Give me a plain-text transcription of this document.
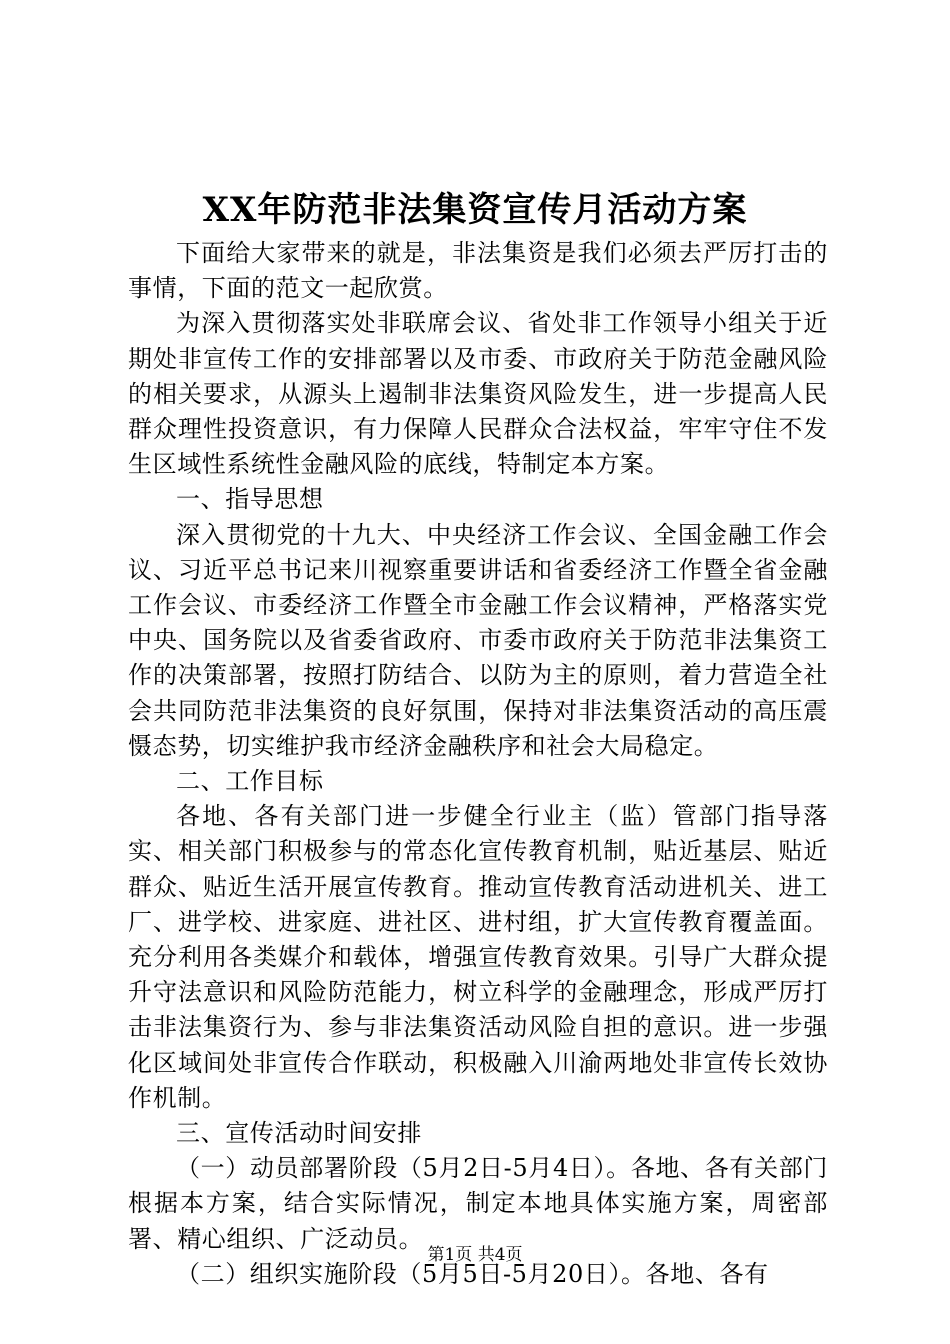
XX年防范非法集资宣传月活动方案

下面给大家带来的就是，非法集资是我们必须去严厉打击的事情，下面的范文一起欣赏。

为深入贯彻落实处非联席会议、省处非工作领导小组关于近期处非宣传工作的安排部署以及市委、市政府关于防范金融风险的相关要求，从源头上遏制非法集资风险发生，进一步提高人民群众理性投资意识，有力保障人民群众合法权益，牢牢守住不发生区域性系统性金融风险的底线，特制定本方案。

一、指导思想

深入贯彻党的十九大、中央经济工作会议、全国金融工作会议、习近平总书记来川视察重要讲话和省委经济工作暨全省金融工作会议、市委经济工作暨全市金融工作会议精神，严格落实党中央、国务院以及省委省政府、市委市政府关于防范非法集资工作的决策部署，按照打防结合、以防为主的原则，着力营造全社会共同防范非法集资的良好氛围，保持对非法集资活动的高压震慑态势，切实维护我市经济金融秩序和社会大局稳定。

二、工作目标

各地、各有关部门进一步健全行业主（监）管部门指导落实、相关部门积极参与的常态化宣传教育机制，贴近基层、贴近群众、贴近生活开展宣传教育。推动宣传教育活动进机关、进工厂、进学校、进家庭、进社区、进村组，扩大宣传教育覆盖面。充分利用各类媒介和载体，增强宣传教育效果。引导广大群众提升守法意识和风险防范能力，树立科学的金融理念，形成严厉打击非法集资行为、参与非法集资活动风险自担的意识。进一步强化区域间处非宣传合作联动，积极融入川渝两地处非宣传长效协作机制。

三、宣传活动时间安排

（一）动员部署阶段（5月2日-5月4日）。各地、各有关部门根据本方案，结合实际情况，制定本地具体实施方案，周密部署、精心组织、广泛动员。

（二）组织实施阶段（5月5日-5月20日）。各地、各有

第1页 共4页
